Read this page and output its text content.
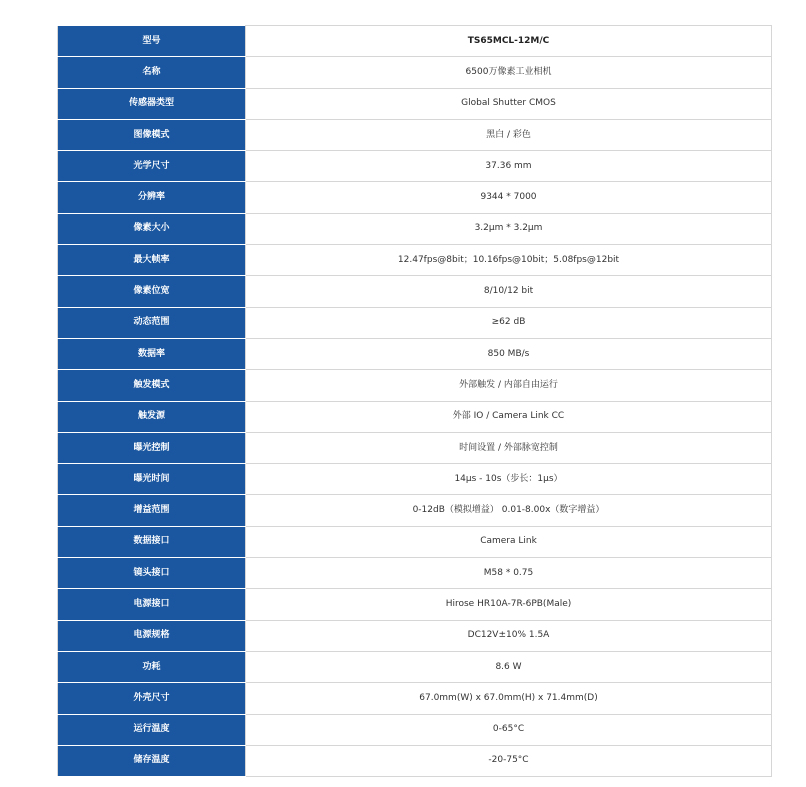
型号	TS65MCL-12M/C
名称	6500万像素工业相机
传感器类型	Global Shutter CMOS
图像模式	黑白 / 彩色
光学尺寸	37.36 mm
分辨率	9344 * 7000
像素大小	3.2μm * 3.2μm
最大帧率	12.47fps@8bit；10.16fps@10bit；5.08fps@12bit
像素位宽	8/10/12 bit
动态范围	≥62 dB
数据率	850 MB/s
触发模式	外部触发 / 内部自由运行
触发源	外部 IO / Camera Link CC
曝光控制	时间设置 / 外部脉宽控制
曝光时间	14μs - 10s（步长：1μs）
增益范围	0-12dB（模拟增益） 0.01-8.00x（数字增益）
数据接口	Camera Link
镜头接口	M58 * 0.75
电源接口	Hirose HR10A-7R-6PB(Male)
电源规格	DC12V±10% 1.5A
功耗	8.6 W
外壳尺寸	67.0mm(W) x 67.0mm(H) x 71.4mm(D)
运行温度	0-65°C
储存温度	-20-75°C
